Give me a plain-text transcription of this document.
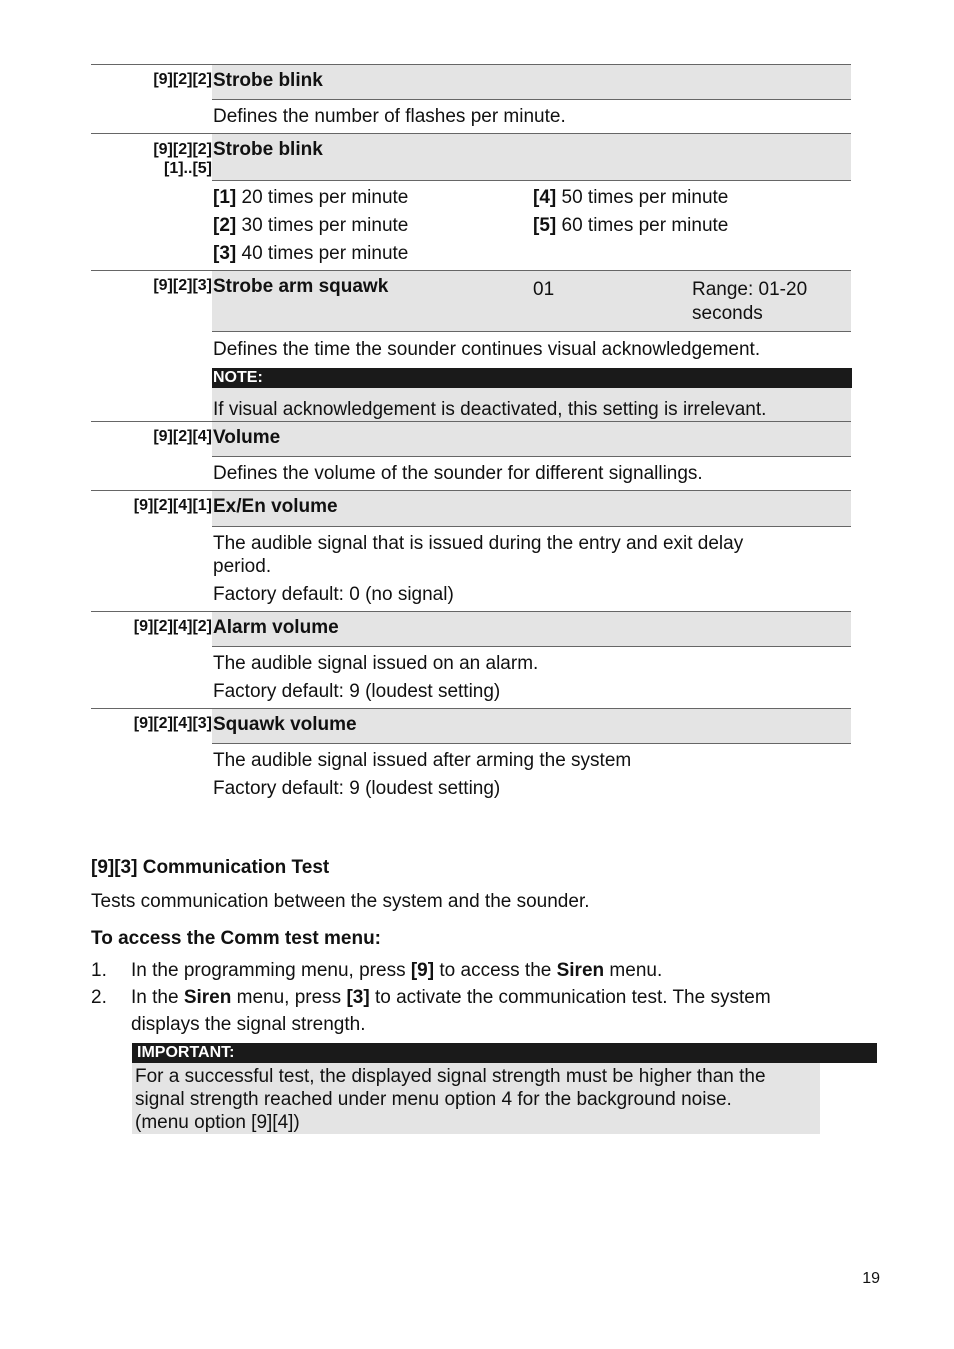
[9][2][2] Strobe blink
Defines the number of flashes per minute.
[9][2][2]
[1]..[5]
Strobe blink
[1] 20 times per minute	[4] 50 times per minute
[2] 30 times per minute	[5] 60 times per minute
[3] 40 times per minute
[9][2][3] Strobe arm squawk	01	Range: 01-20
seconds
Defines the time the sounder continues visual acknowledgement.
NOTE:
If visual acknowledgement is deactivated, this setting is irrelevant.
[9][2][4] Volume
Defines the volume of the sounder for different signallings.
[9][2][4][1] Ex/En volume
The audible signal that is issued during the entry and exit delay
period.
Factory default: 0 (no signal)
[9][2][4][2] Alarm volume
The audible signal issued on an alarm.
Factory default: 9 (loudest setting)
[9][2][4][3] Squawk volume
The audible signal issued after arming the system
Factory default: 9 (loudest setting)
[9][3] Communication Test
Tests communication between the system and the sounder.
To access the Comm test menu:
1. In the programming menu, press [9] to access the Siren menu.
2. In the Siren menu, press [3] to activate the communication test. The system
displays the signal strength.
IMPORTANT:
For a successful test, the displayed signal strength must be higher than the
signal strength reached under menu option 4 for the background noise.
(menu option [9][4])
19
